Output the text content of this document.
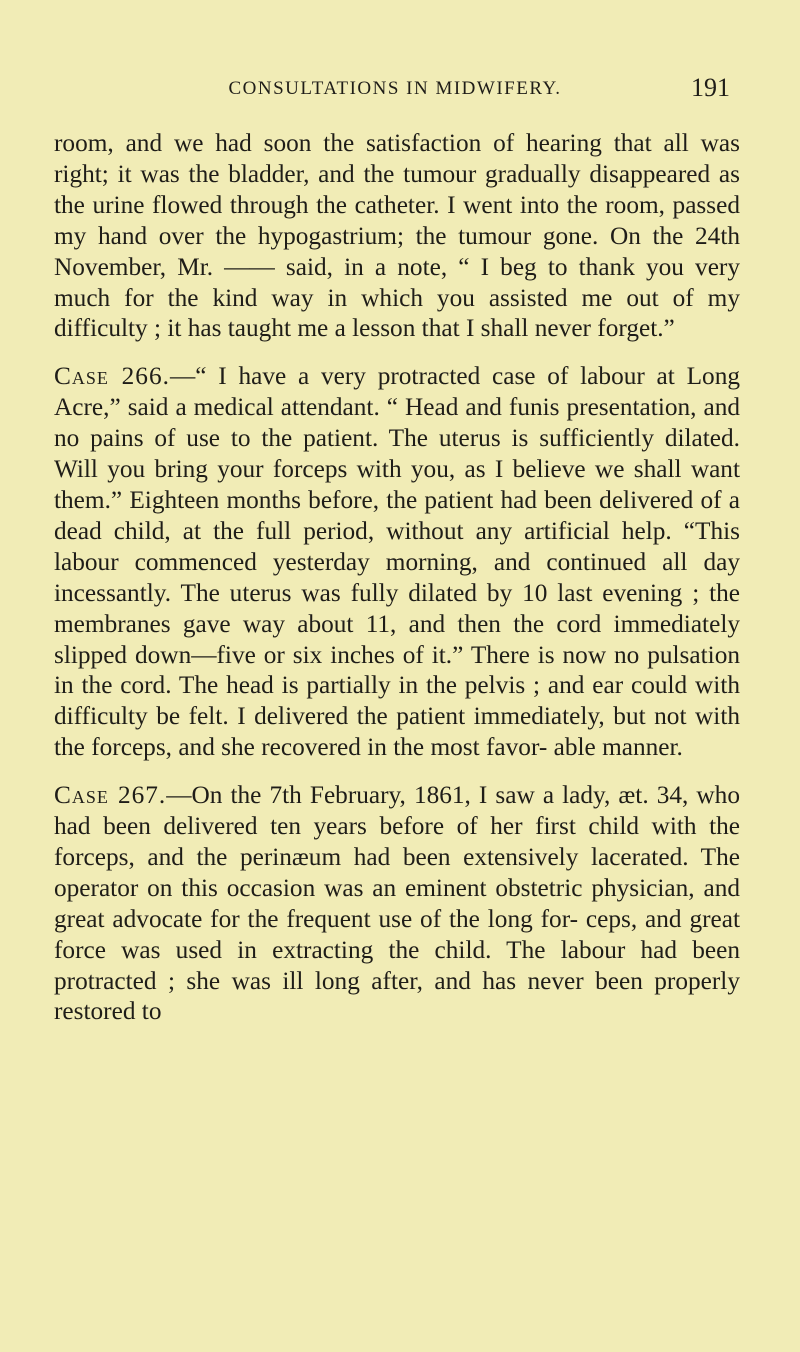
CONSULTATIONS IN MIDWIFERY.	191

room, and we had soon the satisfaction of hearing that all was right; it was the bladder, and the tumour gradually disappeared as the urine flowed through the catheter. I went into the room, passed my hand over the hypogastrium; the tumour gone. On the 24th November, Mr. —— said, in a note, “ I beg to thank you very much for the kind way in which you assisted me out of my difficulty ; it has taught me a lesson that I shall never forget.”

Case 266.—“ I have a very protracted case of labour at Long Acre,” said a medical attendant. “ Head and funis presentation, and no pains of use to the patient. The uterus is sufficiently dilated. Will you bring your forceps with you, as I believe we shall want them.” Eighteen months before, the patient had been delivered of a dead child, at the full period, without any artificial help. “This labour commenced yesterday morning, and continued all day incessantly. The uterus was fully dilated by 10 last evening ; the membranes gave way about 11, and then the cord immediately slipped down—five or six inches of it.” There is now no pulsation in the cord. The head is partially in the pelvis ; and ear could with difficulty be felt. I delivered the patient immediately, but not with the forceps, and she recovered in the most favor- able manner.

Case 267.—On the 7th February, 1861, I saw a lady, æt. 34, who had been delivered ten years before of her first child with the forceps, and the perinæum had been extensively lacerated. The operator on this occasion was an eminent obstetric physician, and great advocate for the frequent use of the long for- ceps, and great force was used in extracting the child. The labour had been protracted ; she was ill long after, and has never been properly restored to
